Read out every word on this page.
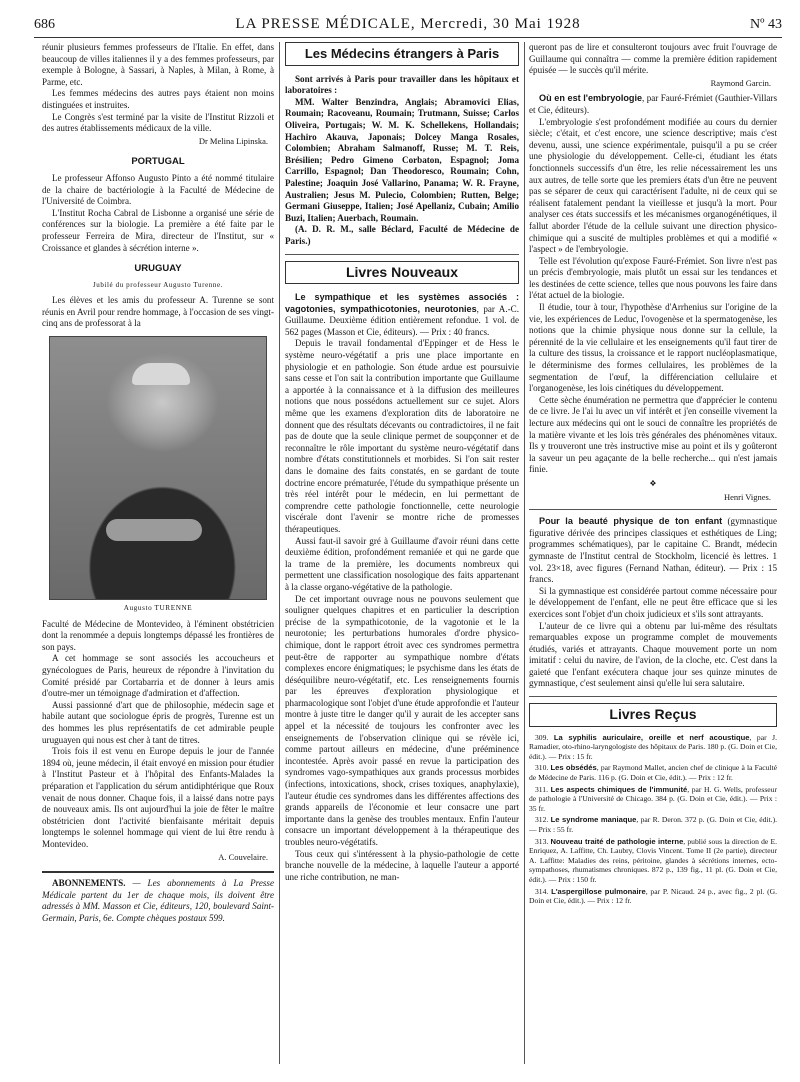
686	LA PRESSE MÉDICALE, Mercredi, 30 Mai 1928	Nº 43

réunir plusieurs femmes professeurs de l'Italie. En effet, dans beaucoup de villes italiennes il y a des femmes professeurs, par exemple à Bologne, à Sassari, à Naples, à Milan, à Rome, à Parme, etc.

Les femmes médecins des autres pays étaient non moins distinguées et instruites.

Le Congrès s'est terminé par la visite de l'Institut Rizzoli et des autres établissements médicaux de la ville.

Dr Melina Lipinska.
PORTUGAL

Le professeur Affonso Augusto Pinto a été nommé titulaire de la chaire de bactériologie à la Faculté de Médecine de l'Université de Coimbra.

L'Institut Rocha Cabral de Lisbonne a organisé une série de conférences sur la biologie. La première a été faite par le professeur Ferreira de Mira, directeur de l'Institut, sur « Croissance et glandes à sécrétion interne ».

URUGUAY
Jubilé du professeur Augusto Turenne.

Les élèves et les amis du professeur A. Turenne se sont réunis en Avril pour rendre hommage, à l'occasion de ses vingt-cinq ans de professorat à la

Augusto TURENNE

Faculté de Médecine de Montevideo, à l'éminent obstétricien dont la renommée a depuis longtemps dépassé les frontières de son pays.

A cet hommage se sont associés les accoucheurs et gynécologues de Paris, heureux de répondre à l'invitation du Comité présidé par Cortabarria et de donner à leurs amis d'outre-mer un témoignage d'admiration et d'affection.

Aussi passionné d'art que de philosophie, médecin sage et habile autant que sociologue épris de progrès, Turenne est un des hommes les plus représentatifs de cet admirable peuple uruguayen qui nous est cher à tant de titres.

Trois fois il est venu en Europe depuis le jour de l'année 1894 où, jeune médecin, il était envoyé en mission pour étudier à l'Institut Pasteur et à l'hôpital des Enfants-Malades la préparation et l'application du sérum antidiphtérique que Roux venait de nous donner. Chaque fois, il a laissé dans notre pays de nouveaux amis. Ils ont aujourd'hui la joie de fêter le maître obstétricien dont l'activité bienfaisante méritait depuis longtemps le solennel hommage qui vient de lui être rendu à Montevideo.

A. Couvelaire.

ABONNEMENTS. — Les abonnements à La Presse Médicale partent du 1er de chaque mois, ils doivent être adressés à MM. Masson et Cie, éditeurs, 120, boulevard Saint-Germain, Paris, 6e. Compte chèques postaux 599.

Les Médecins étrangers à Paris

Sont arrivés à Paris pour travailler dans les hôpitaux et laboratoires :

MM. Walter Benzindra, Anglais; Abramovici Elias, Roumain; Racoveanu, Roumain; Trutmann, Suisse; Carlos Oliveira, Portugais; W. M. K. Schellekens, Hollandais; Hachiro Akauva, Japonais; Dolcey Manga Rosales, Colombien; Abraham Salmanoff, Russe; M. T. Reis, Brésilien; Pedro Gimeno Corbaton, Espagnol; Joma Carrillo, Espagnol; Dan Theodoresco, Roumain; Cohn, Palestine; Joaquin José Vallarino, Panama; W. R. Frayne, Australien; Jesus M. Pulecio, Colombien; Rutten, Belge; Germani Giuseppe, Italien; José Apellaniz, Cubain; Amilio Buzi, Italien; Auerbach, Roumain.

(A. D. R. M., salle Béclard, Faculté de Médecine de Paris.)

Livres Nouveaux

Le sympathique et les systèmes associés : vagotonies, sympathicotonies, neurotonies, par A.-C. Guillaume. Deuxième édition entièrement refondue. 1 vol. de 562 pages (Masson et Cie, éditeurs). — Prix : 40 francs.

Depuis le travail fondamental d'Eppinger et de Hess le système neuro-végétatif a pris une place importante en physiologie et en pathologie. Son étude ardue est poursuivie sans cesse et l'on sait la contribution importante que Guillaume a apportée à la connaissance et à la diffusion des meilleures notions que nous possédons actuellement sur ce sujet. Alors même que les examens d'exploration dits de laboratoire ne donnent que des résultats décevants ou contradictoires, il ne fait pas de doute que la seule clinique permet de soupçonner et de reconnaître le rôle important du système neuro-végétatif dans nombre d'états constitutionnels et morbides. Si l'on sait rester dans le domaine des faits constatés, en se gardant de toute doctrine encore prématurée, l'étude du sympathique présente un très réel intérêt pour le médecin, en lui permettant de comprendre cette pathologie fonctionnelle, cette neurologie viscérale dont l'avenir se montre riche de promesses thérapeutiques.

Aussi faut-il savoir gré à Guillaume d'avoir réuni dans cette deuxième édition, profondément remaniée et qui ne garde que la trame de la première, les documents nombreux qui permettent une classification nosologique des faits appartenant à la classe organo-végétative de la pathologie.

De cet important ouvrage nous ne pouvons seulement que souligner quelques chapitres et en particulier la description précise de la sympathicotonie, de la vagotonie et le la neurotonie; les perturbations humorales d'ordre physico-chimique, dont le rapport étroit avec ces syndromes permettra peut-être de rapporter au sympathique nombre d'états complexes encore énigmatiques; le psychisme dans les états de déséquilibre neuro-végétatif, etc. Les renseignements fournis par les épreuves d'exploration physiologique et pharmacologique sont l'objet d'une étude approfondie et l'auteur montre à juste titre le danger qu'il y aurait de les accepter sans appel et la nécessité de toujours les confronter avec les enseignements de l'observation clinique qui se révèle ici, comme partout ailleurs en médecine, d'une prééminence incontestée. Après avoir passé en revue la participation des syndromes vago-sympathiques aux grands processus morbides (infections, intoxications, shock, crises toxiques, anaphylaxie), l'auteur étudie ces syndromes dans les différentes affections des grands appareils de l'économie et leur consacre une part importante dans la genèse des troubles mentaux. Enfin l'auteur consacre un important développement à la thérapeutique des troubles neuro-végétatifs.

Tous ceux qui s'intéressent à la physio-pathologie de cette branche nouvelle de la médecine, à laquelle l'auteur a apporté une riche contribution, ne man-

queront pas de lire et consulteront toujours avec fruit l'ouvrage de Guillaume qui connaîtra — comme la première édition rapidement épuisée — le succès qu'il mérite.

Raymond Garcin.

Où en est l'embryologie, par Fauré-Frémiet (Gauthier-Villars et Cie, éditeurs).

L'embryologie s'est profondément modifiée au cours du dernier siècle; c'était, et c'est encore, une science descriptive; mais c'est devenu, aussi, une science expérimentale, puisqu'il a pu se créer une physiologie du développement. Celle-ci, étudiant les états fonctionnels successifs d'un être, les relie nécessairement les uns aux autres, de telle sorte que les premiers états d'un être ne peuvent pas se séparer de ceux qui caractérisent l'adulte, ni de ceux qui se réalisent fatalement pendant la vieillesse et jusqu'à la mort. Pour analyser ces états successifs et les mécanismes organogénétiques, il fallut aborder l'étude de la cellule suivant une direction physico-chimique qui a suscité de multiples problèmes et qui a modifié « l'aspect » de l'embryologie.

Telle est l'évolution qu'expose Fauré-Frémiet. Son livre n'est pas un précis d'embryologie, mais plutôt un essai sur les tendances et les destinées de cette science, telles que nous pouvons les faire dans l'état actuel de la biologie.

Il étudie, tour à tour, l'hypothèse d'Arrhenius sur l'origine de la vie, les expériences de Leduc, l'ovogenèse et la spermatogenèse, les notions que la chimie physique nous donne sur la cellule, la pérennité de la vie cellulaire et les enseignements qu'il faut tirer de la culture des tissus, la croissance et le rapport nucléoplasmatique, le déterminisme des formes cellulaires, les problèmes de la segmentation de l'œuf, la différenciation cellulaire et l'organogenèse, les lois cinétiques du développement.

Cette sèche énumération ne permettra que d'apprécier le contenu de ce livre. Je l'ai lu avec un vif intérêt et j'en conseille vivement la lecture aux médecins qui ont le souci de connaître les propriétés de la matière vivante et les lois très générales des phénomènes vitaux. Ils y trouveront une très instructive mise au point et ils y goûteront la saveur un peu agaçante de la belle recherche... qui n'est jamais finie.

❖
Henri Vignes.

Pour la beauté physique de ton enfant (gymnastique figurative dérivée des principes classiques et esthétiques de Ling; programmes schématiques), par le capitaine C. Brandt, médecin gymnaste de l'Institut central de Stockholm, licencié ès lettres. 1 vol. 23×18, avec figures (Fernand Nathan, éditeur). — Prix : 15 francs.

Si la gymnastique est considérée partout comme nécessaire pour le développement de l'enfant, elle ne peut être efficace que si les exercices sont l'objet d'un choix judicieux et s'ils sont attrayants.

L'auteur de ce livre qui a obtenu par lui-même des résultats remarquables expose un programme complet de mouvements étudiés, variés et attrayants. Chaque mouvement porte un nom imitatif : celui du navire, de l'avion, de la cloche, etc. C'est dans la gaieté que l'enfant exécutera chaque jour ses quinze minutes de gymnastique, c'est seulement ainsi qu'elle lui sera salutaire.

Livres Reçus

309. La syphilis auriculaire, oreille et nerf acoustique, par J. Ramadier, oto-rhino-laryngologiste des hôpitaux de Paris. 180 p. (G. Doin et Cie, édit.). — Prix : 15 fr.

310. Les obsédés, par Raymond Mallet, ancien chef de clinique à la Faculté de Médecine de Paris. 116 p. (G. Doin et Cie, édit.). — Prix : 12 fr.

311. Les aspects chimiques de l'immunité, par H. G. Wells, professeur de pathologie à l'Université de Chicago. 384 p. (G. Doin et Cie, édit.). — Prix : 35 fr.

312. Le syndrome maniaque, par R. Deron. 372 p. (G. Doin et Cie, édit.). — Prix : 55 fr.

313. Nouveau traité de pathologie interne, publié sous la direction de E. Enriquez, A. Laffitte, Ch. Laubry, Clovis Vincent. Tome II (2e partie), directeur A. Laffitte: Maladies des reins, péritoine, glandes à sécrétions internes, ecto-sympathoses, rhumatismes chroniques. 872 p., 139 fig., 11 pl. (G. Doin et Cie, édit.). — Prix : 150 fr.

314. L'aspergillose pulmonaire, par P. Nicaud. 24 p., avec fig., 2 pl. (G. Doin et Cie, édit.). — Prix : 12 fr.
